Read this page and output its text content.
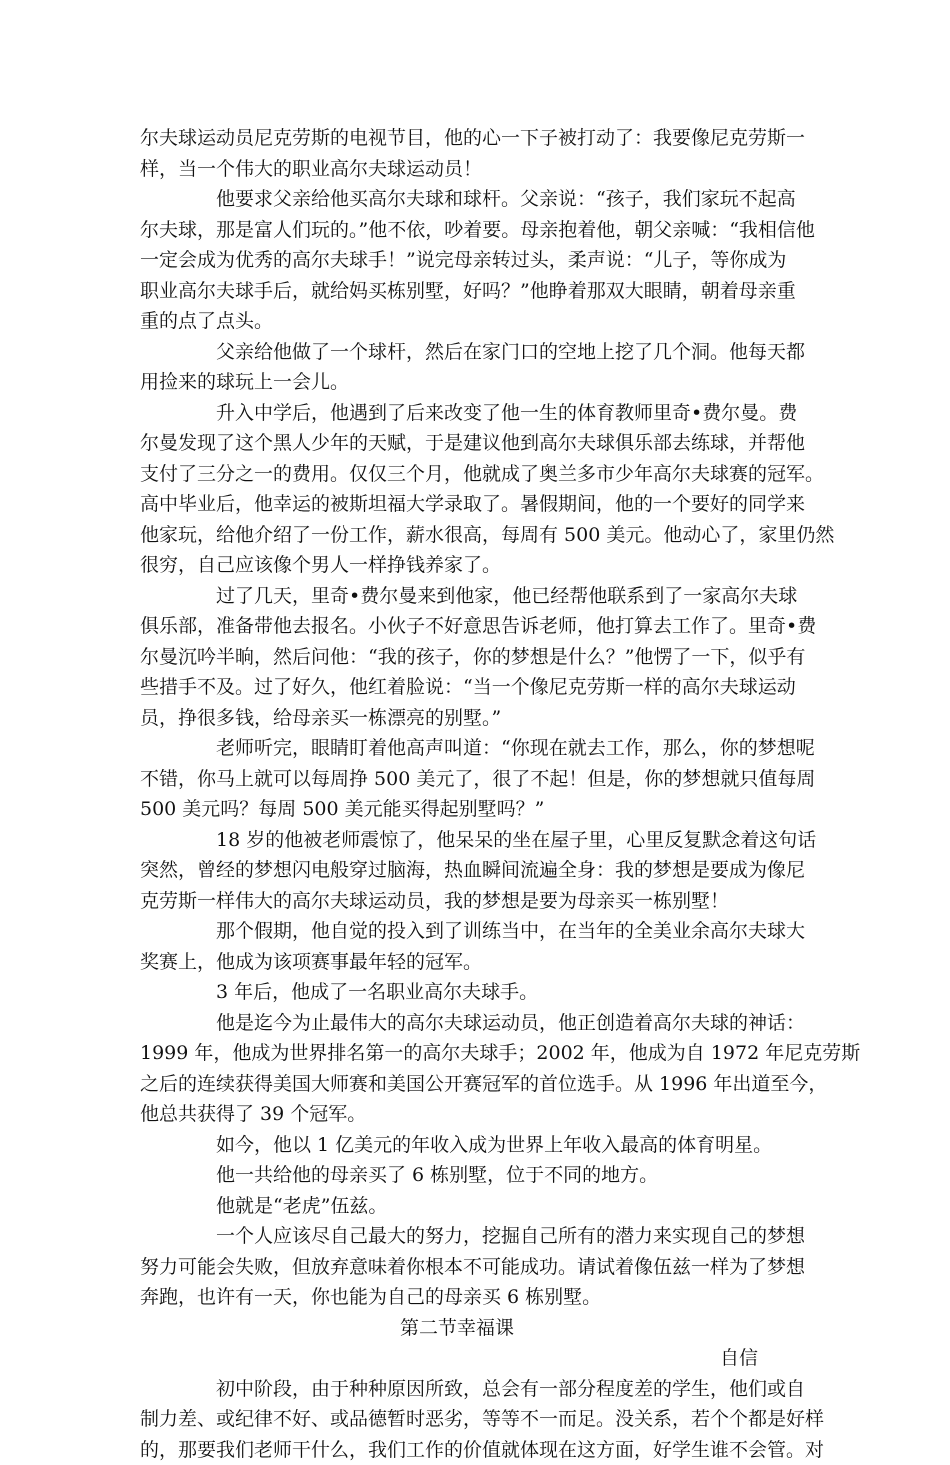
尔夫球运动员尼克劳斯的电视节目，他的心一下子被打动了：我要像尼克劳斯一
样，当一个伟大的职业高尔夫球运动员！
他要求父亲给他买高尔夫球和球杆。父亲说：“孩子，我们家玩不起高
尔夫球，那是富人们玩的。”他不依，吵着要。母亲抱着他，朝父亲喊：“我相信他
一定会成为优秀的高尔夫球手！”说完母亲转过头，柔声说：“儿子，等你成为
职业高尔夫球手后，就给妈买栋别墅，好吗？”他睁着那双大眼睛，朝着母亲重
重的点了点头。
父亲给他做了一个球杆，然后在家门口的空地上挖了几个洞。他每天都
用捡来的球玩上一会儿。
升入中学后，他遇到了后来改变了他一生的体育教师里奇•费尔曼。费
尔曼发现了这个黑人少年的天赋，于是建议他到高尔夫球俱乐部去练球，并帮他
支付了三分之一的费用。仅仅三个月，他就成了奥兰多市少年高尔夫球赛的冠军。
高中毕业后，他幸运的被斯坦福大学录取了。暑假期间，他的一个要好的同学来
他家玩，给他介绍了一份工作，薪水很高，每周有 500 美元。他动心了，家里仍然
很穷，自己应该像个男人一样挣钱养家了。
过了几天，里奇•费尔曼来到他家，他已经帮他联系到了一家高尔夫球
俱乐部，准备带他去报名。小伙子不好意思告诉老师，他打算去工作了。里奇•费
尔曼沉吟半晌，然后问他：“我的孩子，你的梦想是什么？”他愣了一下，似乎有
些措手不及。过了好久，他红着脸说：“当一个像尼克劳斯一样的高尔夫球运动
员，挣很多钱，给母亲买一栋漂亮的别墅。”
老师听完，眼睛盯着他高声叫道：“你现在就去工作，那么，你的梦想呢
不错，你马上就可以每周挣 500 美元了，很了不起！但是，你的梦想就只值每周
500 美元吗？每周 500 美元能买得起别墅吗？”
18 岁的他被老师震惊了，他呆呆的坐在屋子里，心里反复默念着这句话
突然，曾经的梦想闪电般穿过脑海，热血瞬间流遍全身：我的梦想是要成为像尼
克劳斯一样伟大的高尔夫球运动员，我的梦想是要为母亲买一栋别墅！
那个假期，他自觉的投入到了训练当中，在当年的全美业余高尔夫球大
奖赛上，他成为该项赛事最年轻的冠军。
3 年后，他成了一名职业高尔夫球手。
他是迄今为止最伟大的高尔夫球运动员，他正创造着高尔夫球的神话：
1999 年，他成为世界排名第一的高尔夫球手；2002 年，他成为自 1972 年尼克劳斯
之后的连续获得美国大师赛和美国公开赛冠军的首位选手。从 1996 年出道至今，
他总共获得了 39 个冠军。
如今，他以 1 亿美元的年收入成为世界上年收入最高的体育明星。
他一共给他的母亲买了 6 栋别墅，位于不同的地方。
他就是“老虎”伍兹。
一个人应该尽自己最大的努力，挖掘自己所有的潜力来实现自己的梦想
努力可能会失败，但放弃意味着你根本不可能成功。请试着像伍兹一样为了梦想
奔跑，也许有一天，你也能为自己的母亲买 6 栋别墅。
第二节幸福课
自信
初中阶段，由于种种原因所致，总会有一部分程度差的学生，他们或自
制力差、或纪律不好、或品德暂时恶劣，等等不一而足。没关系，若个个都是好样
的，那要我们老师干什么，我们工作的价值就体现在这方面，好学生谁不会管。对
